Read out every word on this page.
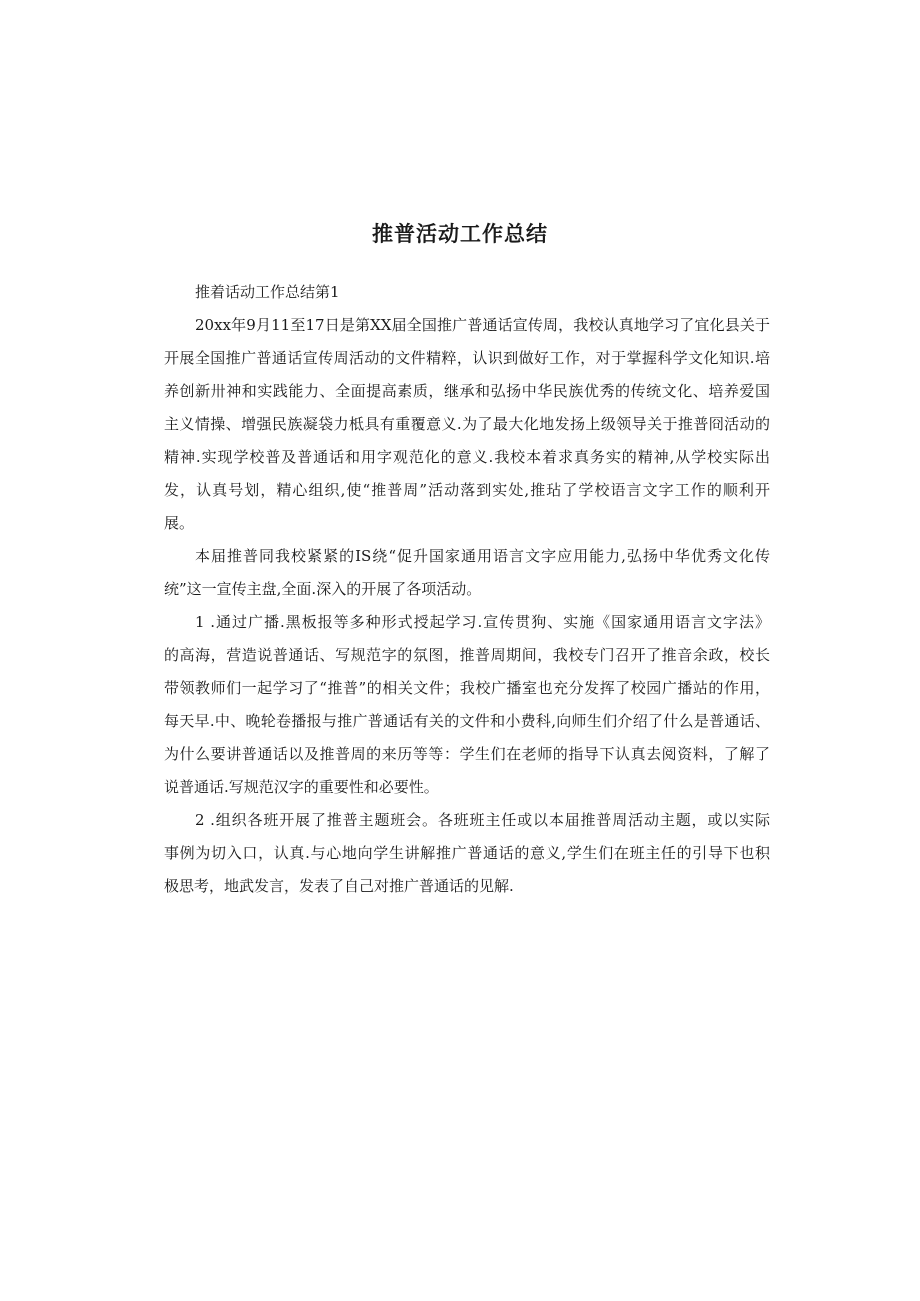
推普活动工作总结
推着话动工作总结第1
20xx年9月11至17日是第XX届全国推广普通话宣传周，我校认真地学习了宜化县关于
开展全国推广普通话宣传周活动的文件精粹，认识到做好工作，对于掌握科学文化知识.培
养创新卅神和实践能力、全面提高素质，继承和弘扬中华民族优秀的传统文化、培养爱国
主义情操、增强民族凝袋力柢具有重覆意义.为了最大化地发扬上级领导关于推普冏活动的
精神.实现学校普及普通话和用字观范化的意义.我校本着求真务实的精神,从学校实际出
发，认真号划，精心组织,使“推普周”活动落到实处,推玷了学校语言文字工作的顺利开
展。
本届推普同我校紧紧的IS绕“促升国家通用语言文字应用能力,弘扬中华优秀文化传
统”这一宣传主盘,全面.深入的开展了各项活动。
1 .通过广播.黑板报等多种形式授起学习.宣传贯狗、实施《国家通用语言文字法》
的高海，营造说普通话、写规范字的氛图，推普周期间，我校专门召开了推音余政，校长
带领教师们一起学习了“推普”的相关文件；我校广播室也充分发挥了校园广播站的作用，
每天早.中、晚轮卷播报与推广普通话有关的文件和小费科,向师生们介绍了什么是普通话、
为什么要讲普通话以及推普周的来历等等：学生们在老师的指导下认真去阅资料，了解了
说普通话.写规范汉字的重要性和必要性。
2 .组织各班开展了推普主题班会。各班班主任或以本届推普周活动主题，或以实际
事例为切入口，认真.与心地向学生讲解推广普通话的意义,学生们在班主任的引导下也积
极思考，地武发言，发表了自己对推广普通话的见解.
